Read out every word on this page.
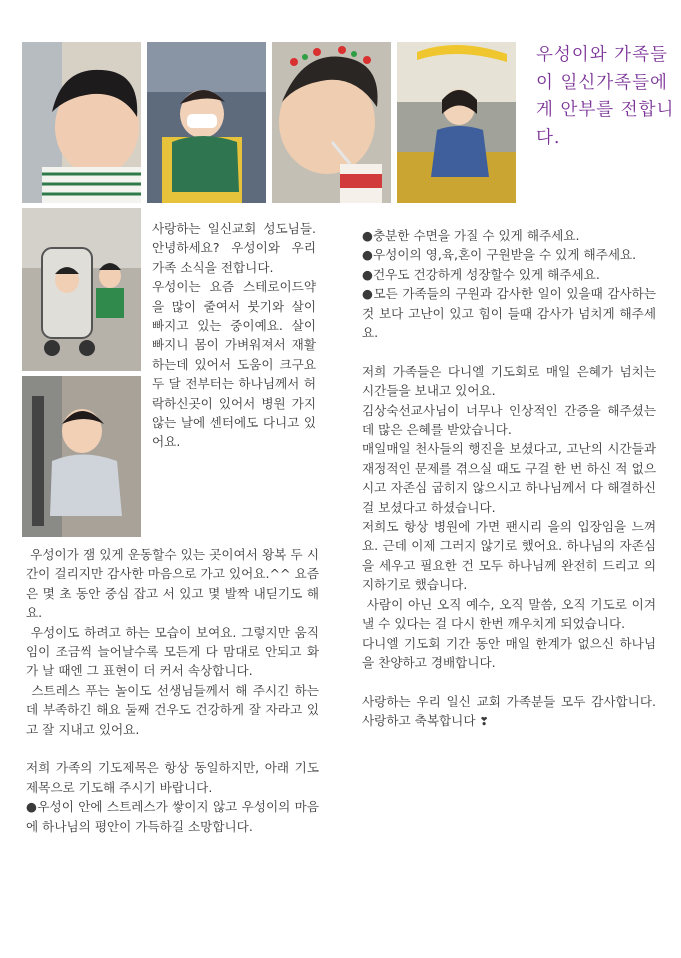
우성이와 가족들이 일신가족들에게 안부를 전합니다.

사랑하는 일신교회 성도님들. 안녕하세요? 우성이와 우리 가족 소식을 전합니다.

우성이는 요즘 스테로이드약을 많이 줄여서 붓기와 살이 빠지고 있는 중이예요. 살이 빠지니 몸이 가벼워져서 재활하는데 있어서 도움이 크구요 두 달 전부터는 하나님께서 허락하신곳이 있어서 병원 가지않는 날에 센터에도 다니고 있어요.

우성이가 잼 있게 운동할수 있는 곳이여서 왕복 두 시간이 걸리지만 감사한 마음으로 가고 있어요.^^ 요즘은 몇 초 동안 중심 잡고 서 있고 몇 발짝 내딛기도 해요.

우성이도 하려고 하는 모습이 보여요. 그렇지만 움직임이 조금씩 늘어날수록 모든게 다 맘대로 안되고 화가 날 때엔 그 표현이 더 커서 속상합니다.

스트레스 푸는 놀이도 선생님들께서 해 주시긴 하는데 부족하긴 해요 둘째 건우도 건강하게 잘 자라고 있고 잘 지내고 있어요.

저희 가족의 기도제목은 항상 동일하지만, 아래 기도제목으로 기도해 주시기 바랍니다.

●우성이 안에 스트레스가 쌓이지 않고 우성이의 마음에 하나님의 평안이 가득하길 소망합니다.

●충분한 수면을 가질 수 있게 해주세요.

●우성이의 영,육,혼이 구원받을 수 있게 해주세요.

●건우도 건강하게 성장할수 있게 해주세요.

●모든 가족들의 구원과 감사한 일이 있을때 감사하는 것 보다 고난이 있고 힘이 들때 감사가 넘치게 해주세요.

저희 가족들은 다니엘 기도회로 매일 은혜가 넘치는 시간들을 보내고 있어요.

김상숙선교사님이 너무나 인상적인 간증을 해주셨는데 많은 은혜를 받았습니다.

매일매일 천사들의 행진을 보셨다고, 고난의 시간들과 재정적인 문제를 겪으실 때도 구걸 한 번 하신 적 없으시고 자존심 굽히지 않으시고 하나님께서 다 해결하신 걸 보셨다고 하셨습니다.

저희도 항상 병원에 가면 팬시리 을의 입장임을 느껴요. 근데 이제 그러지 않기로 했어요. 하나님의 자존심을 세우고 필요한 건 모두 하나님께 완전히 드리고 의지하기로 했습니다.

사람이 아닌 오직 예수, 오직 말씀, 오직 기도로 이겨낼 수 있다는 걸 다시 한번 깨우치게 되었습니다.

다니엘 기도회 기간 동안 매일 한계가 없으신 하나님을 찬양하고 경배합니다.

사랑하는 우리 일신 교회 가족분들 모두 감사합니다. 사랑하고 축복합니다 ❣
